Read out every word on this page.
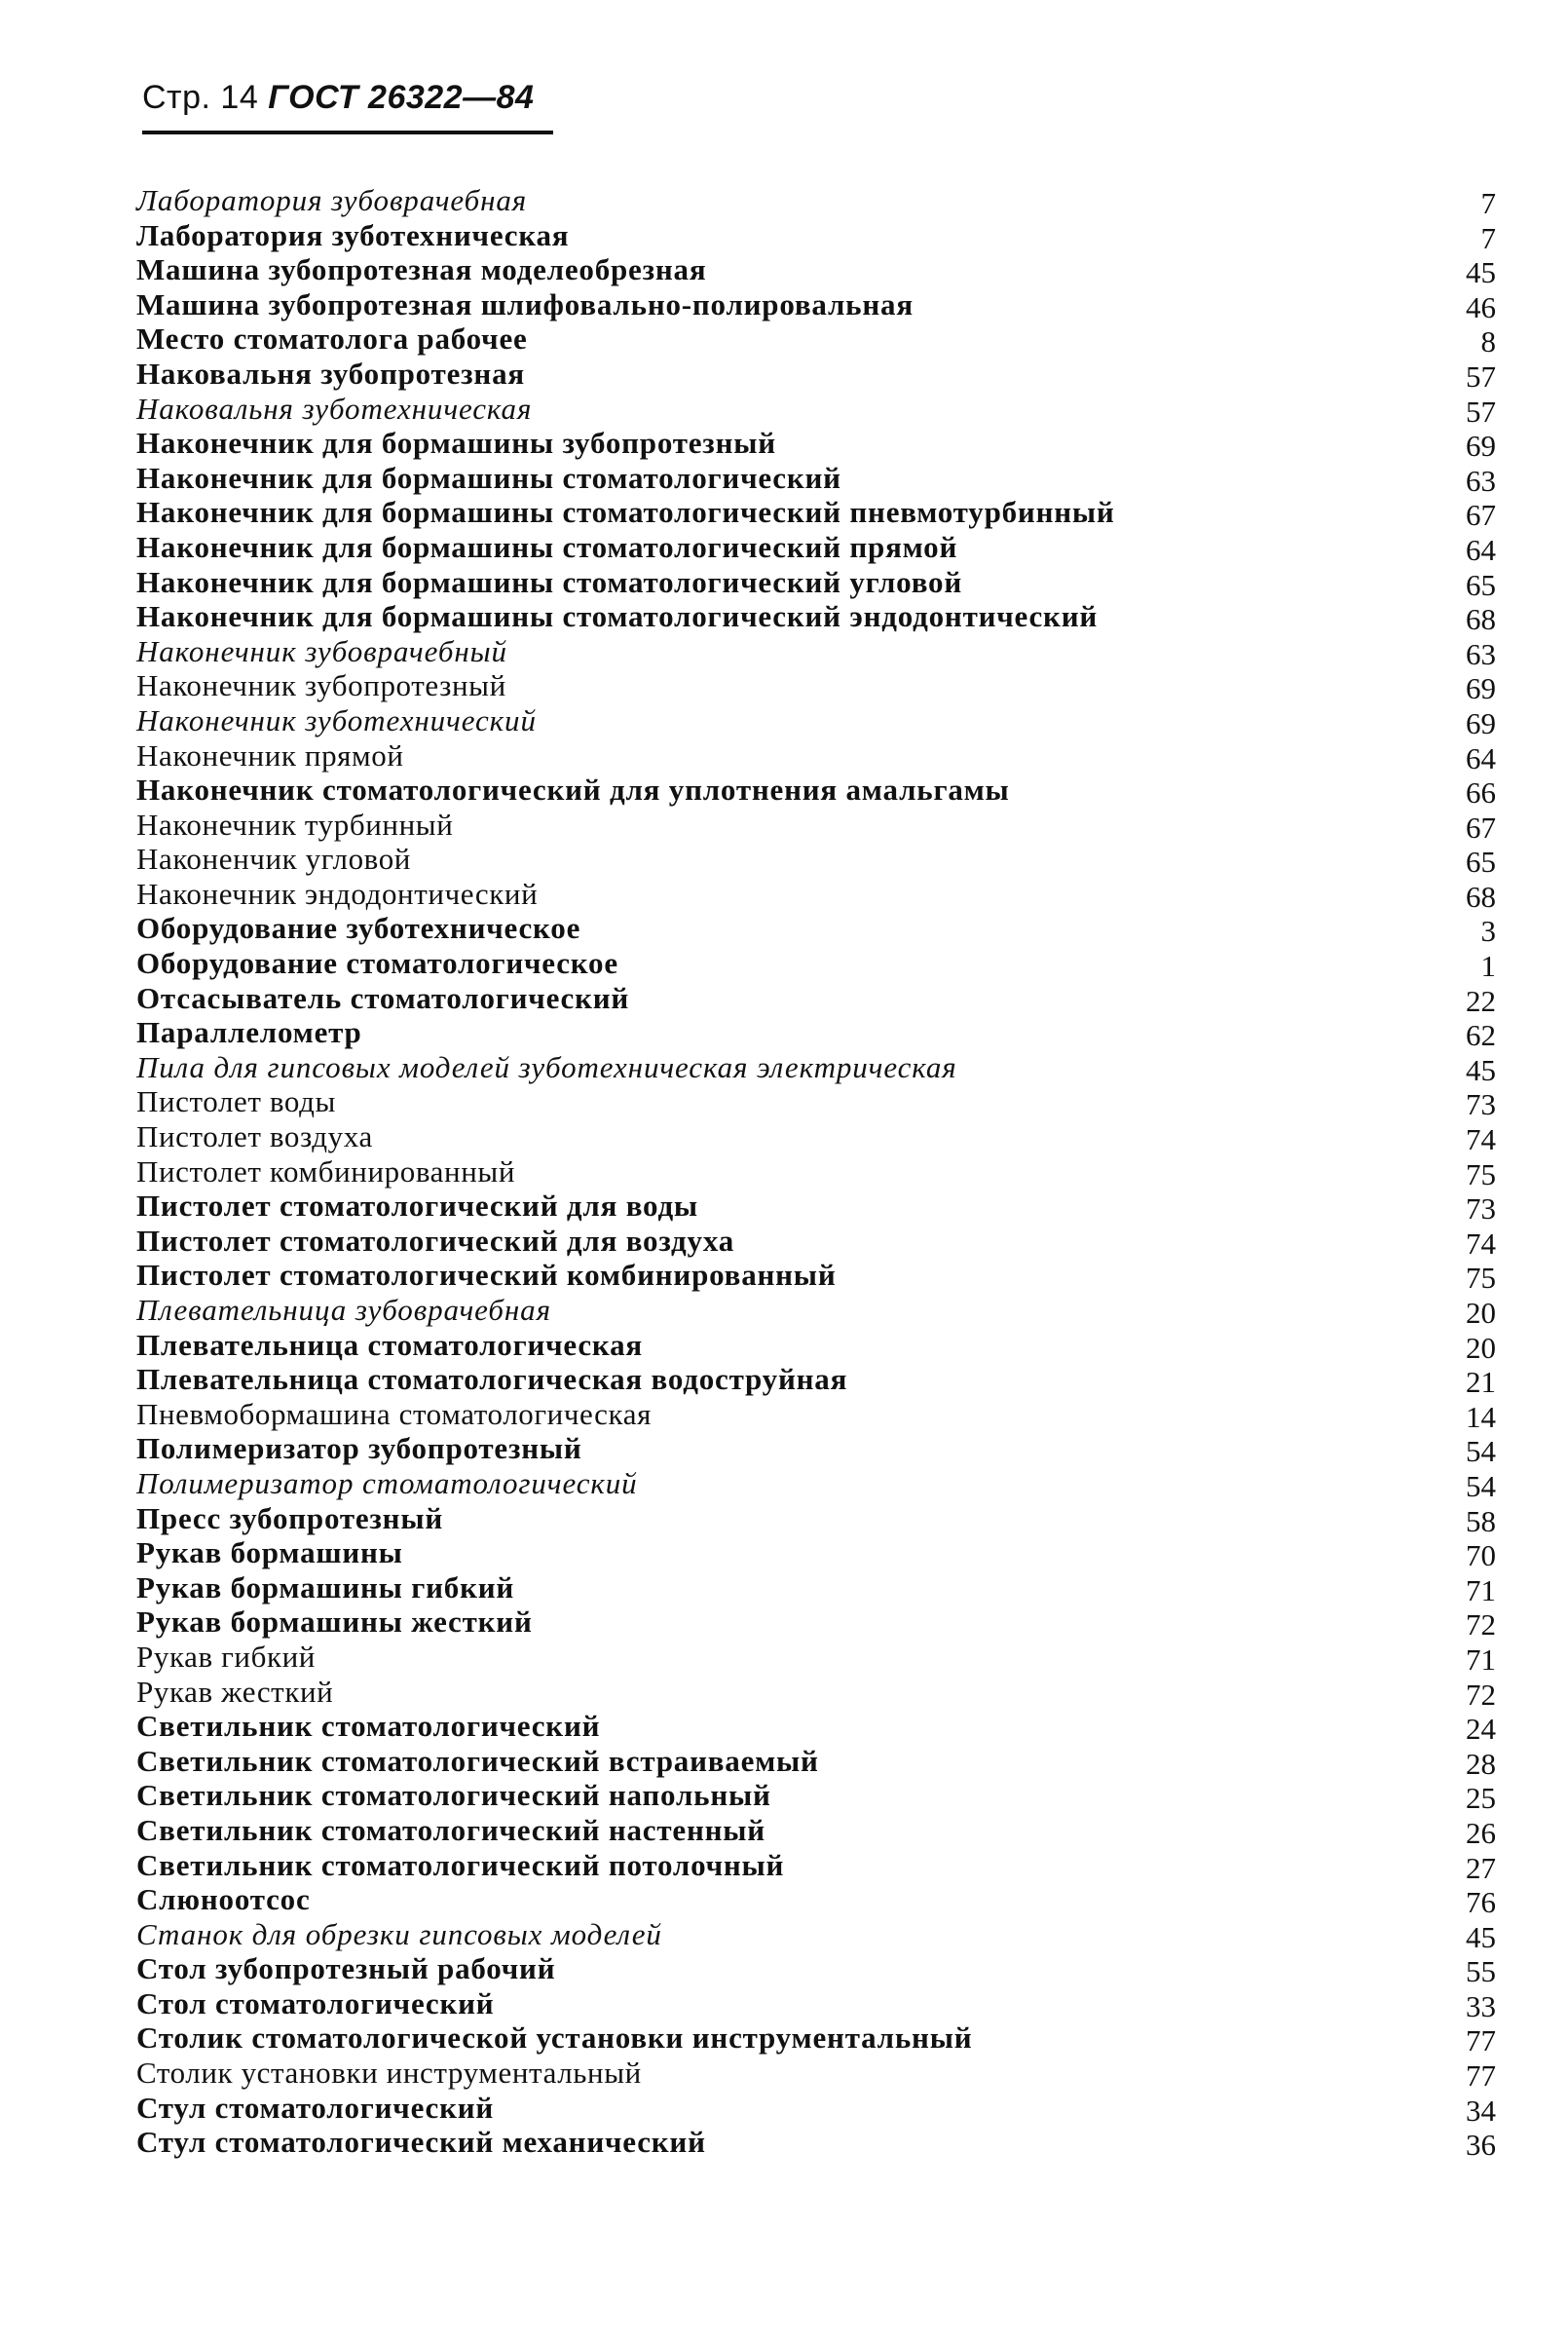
Стр. 14 ГОСТ 26322—84
Лаборатория зубоврачебная	7
Лаборатория зуботехническая	7
Машина зубопротезная моделеобрезная	45
Машина зубопротезная шлифовально-полировальная	46
Место стоматолога рабочее	8
Наковальня зубопротезная	57
Наковальня зуботехническая	57
Наконечник для бормашины зубопротезный	69
Наконечник для бормашины стоматологический	63
Наконечник для бормашины стоматологический пневмотурбинный	67
Наконечник для бормашины стоматологический прямой	64
Наконечник для бормашины стоматологический угловой	65
Наконечник для бормашины стоматологический эндодонтический	68
Наконечник зубоврачебный	63
Наконечник зубопротезный	69
Наконечник зуботехнический	69
Наконечник прямой	64
Наконечник стоматологический для уплотнения амальгамы	66
Наконечник турбинный	67
Наконенчик угловой	65
Наконечник эндодонтический	68
Оборудование зуботехническое	3
Оборудование стоматологическое	1
Отсасыватель стоматологический	22
Параллелометр	62
Пила для гипсовых моделей зуботехническая электрическая	45
Пистолет воды	73
Пистолет воздуха	74
Пистолет комбинированный	75
Пистолет стоматологический для воды	73
Пистолет стоматологический для воздуха	74
Пистолет стоматологический комбинированный	75
Плевательница зубоврачебная	20
Плевательница стоматологическая	20
Плевательница стоматологическая водоструйная	21
Пневмобормашина стоматологическая	14
Полимеризатор зубопротезный	54
Полимеризатор стоматологический	54
Пресс зубопротезный	58
Рукав бормашины	70
Рукав бормашины гибкий	71
Рукав бормашины жесткий	72
Рукав гибкий	71
Рукав жесткий	72
Светильник стоматологический	24
Светильник стоматологический встраиваемый	28
Светильник стоматологический напольный	25
Светильник стоматологический настенный	26
Светильник стоматологический потолочный	27
Слюноотсос	76
Станок для обрезки гипсовых моделей	45
Стол зубопротезный рабочий	55
Стол стоматологический	33
Столик стоматологической установки инструментальный	77
Столик установки инструментальный	77
Стул стоматологический	34
Стул стоматологический механический	36
